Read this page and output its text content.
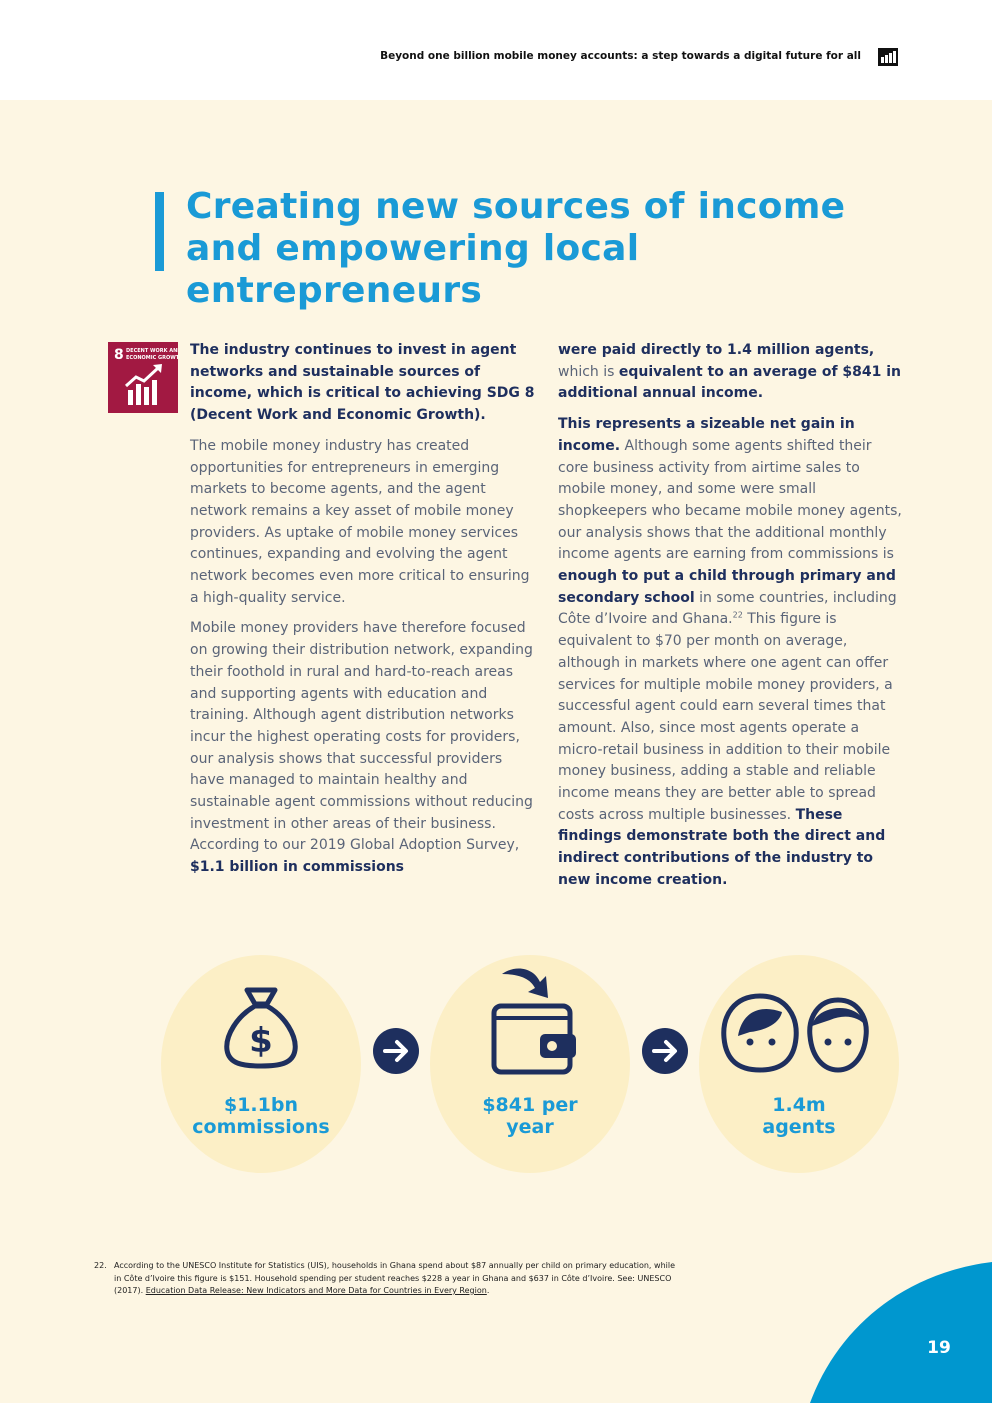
Beyond one billion mobile money accounts: a step towards a digital future for all
Creating new sources of income and empowering local entrepreneurs
8 DECENT WORK AND
ECONOMIC GROWTH The industry continues to invest in agent networks and sustainable sources of income, which is critical to achieving SDG 8 (Decent Work and Economic Growth).

The mobile money industry has created opportunities for entrepreneurs in emerging markets to become agents, and the agent network remains a key asset of mobile money providers. As uptake of mobile money services continues, expanding and evolving the agent network becomes even more critical to ensuring a high-quality service.

Mobile money providers have therefore focused on growing their distribution network, expanding their foothold in rural and hard-to-reach areas and supporting agents with education and training. Although agent distribution networks incur the highest operating costs for providers, our analysis shows that successful providers have managed to maintain healthy and sustainable agent commissions without reducing investment in other areas of their business. According to our 2019 Global Adoption Survey, $1.1 billion in commissions

were paid directly to 1.4 million agents, which is equivalent to an average of $841 in additional annual income.

This represents a sizeable net gain in income. Although some agents shifted their core business activity from airtime sales to mobile money, and some were small shopkeepers who became mobile money agents, our analysis shows that the additional monthly income agents are earning from commissions is enough to put a child through primary and secondary school in some countries, including Côte d’Ivoire and Ghana.$^{22}$ This figure is equivalent to $70 per month on average, although in markets where one agent can offer services for multiple mobile money providers, a successful agent could earn several times that amount. Also, since most agents operate a micro-retail business in addition to their mobile money business, adding a stable and reliable income means they are better able to spread costs across multiple businesses. These findings demonstrate both the direct and indirect contributions of the industry to new income creation.

$
$1.1bn
commissions
$841 per
year
1.4m
agents
22. According to the UNESCO Institute for Statistics (UIS), households in Ghana spend about $87 annually per child on primary education, while in Côte d’Ivoire this figure is $151. Household spending per student reaches $228 a year in Ghana and $637 in Côte d’Ivoire. See: UNESCO (2017). Education Data Release: New Indicators and More Data for Countries in Every Region.
19
